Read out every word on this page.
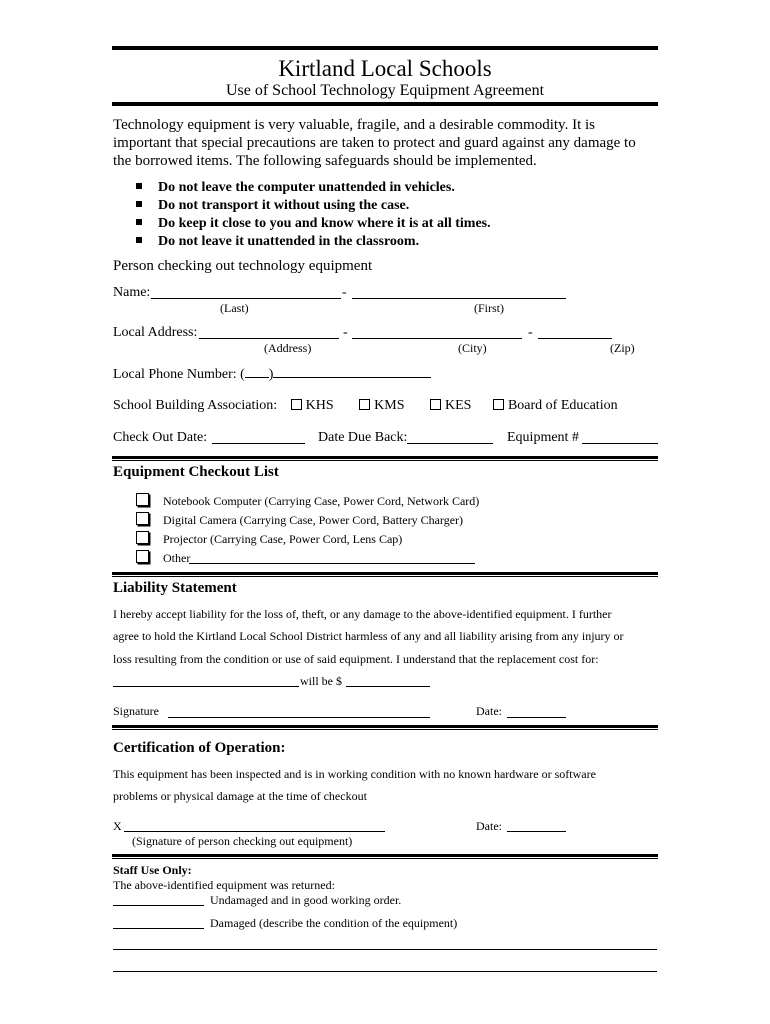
Kirtland Local Schools
Use of School Technology Equipment Agreement
Technology equipment is very valuable, fragile, and a desirable commodity. It is
important that special precautions are taken to protect and guard against any damage to
the borrowed items. The following safeguards should be implemented.
Do not leave the computer unattended in vehicles.
Do not transport it without using the case.
Do keep it close to you and know where it is at all times.
Do not leave it unattended in the classroom.
Person checking out technology equipment
Name:	-
(Last)	(First)
Local Address:	-	-
(Address)	(City)	(Zip)
Local Phone Number: ( )
School Building Association: KHS	KMS	KES	Board of Education
Check Out Date:	Date Due Back:	Equipment #
Equipment Checkout List
Notebook Computer (Carrying Case, Power Cord, Network Card)
Digital Camera (Carrying Case, Power Cord, Battery Charger)
Projector (Carrying Case, Power Cord, Lens Cap)
Other
Liability Statement
I hereby accept liability for the loss of, theft, or any damage to the above-identified equipment. I further
agree to hold the Kirtland Local School District harmless of any and all liability arising from any injury or
loss resulting from the condition or use of said equipment. I understand that the replacement cost for:
will be $
Signature	Date:
Certification of Operation:
This equipment has been inspected and is in working condition with no known hardware or software
problems or physical damage at the time of checkout
X	Date:
(Signature of person checking out equipment)
Staff Use Only:
The above-identified equipment was returned:
Undamaged and in good working order.
Damaged (describe the condition of the equipment)
